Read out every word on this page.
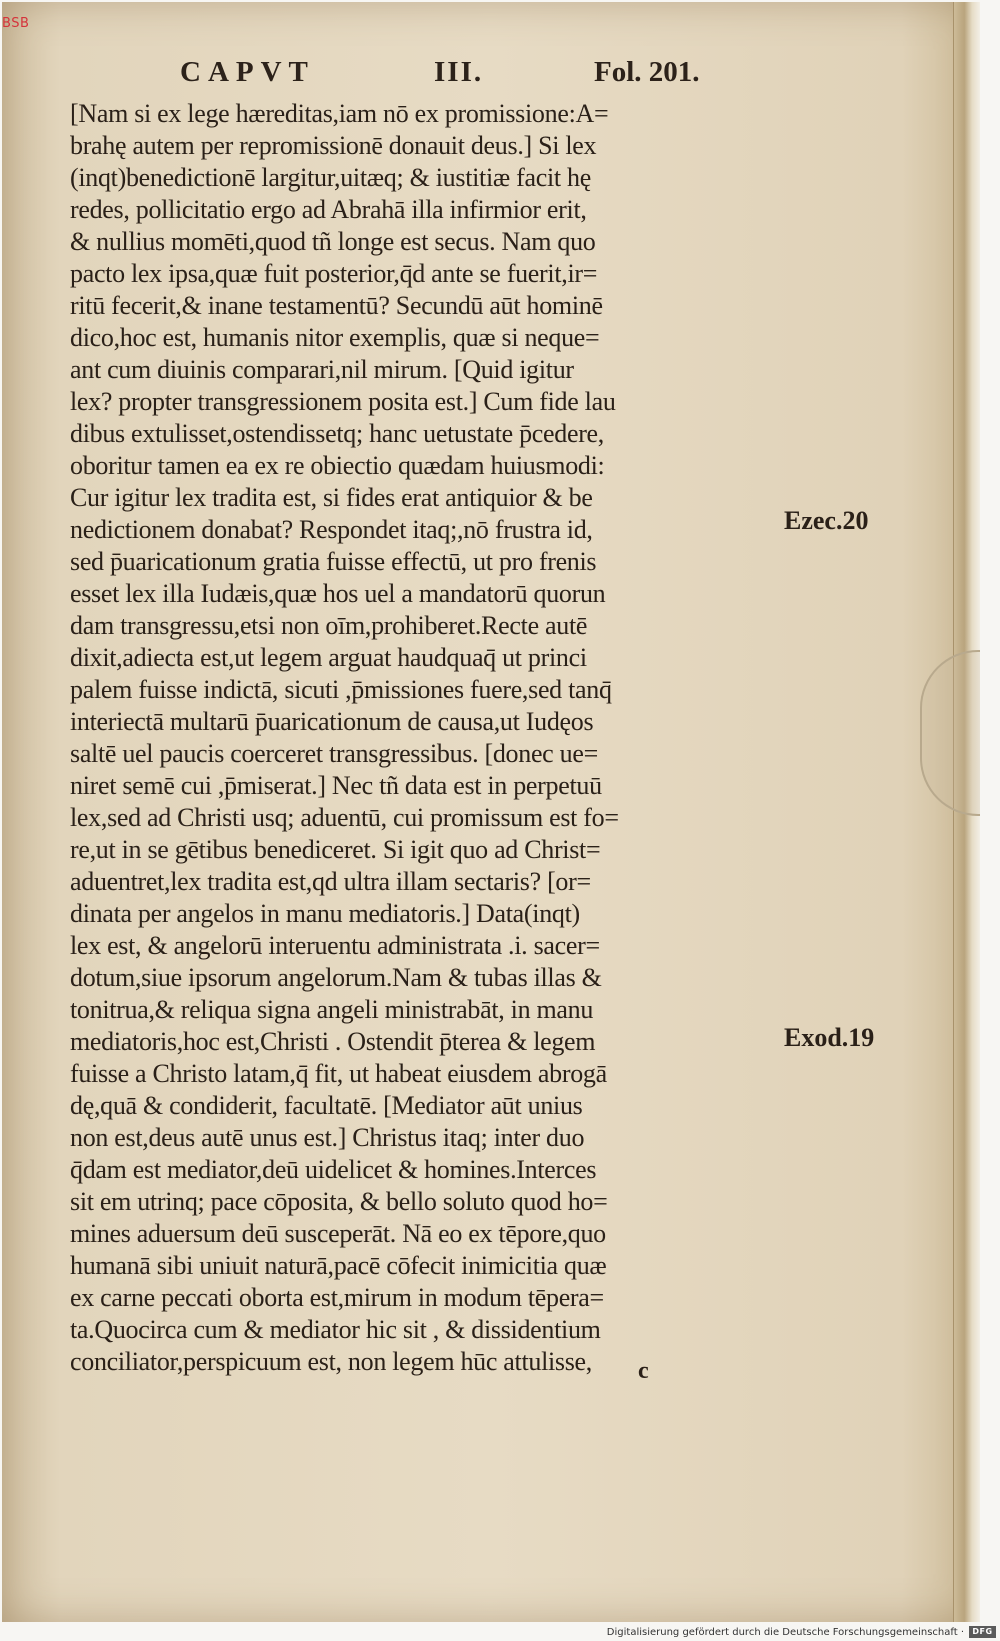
CAPVT	III.	Fol. 201.
[Nam si ex lege hæreditas,iam nō ex promissione:A=
brahę autem per repromissionē donauit deus.] Si lex
(inqt)benedictionē largitur,uitæq; & iustitiæ facit hę
redes, pollicitatio ergo ad Abrahā illa infirmior erit,
& nullius momēti,quod tñ longe est secus. Nam quo
pacto lex ipsa,quæ fuit posterior,q̄d ante se fuerit,ir=
ritū fecerit,& inane testamentū? Secundū aūt hominē
dico,hoc est, humanis nitor exemplis, quæ si neque=
ant cum diuinis comparari,nil mirum. [Quid igitur
lex? propter transgressionem posita est.] Cum fide lau
dibus extulisset,ostendissetq; hanc uetustate p̄cedere,
oboritur tamen ea ex re obiectio quædam huiusmodi:
Cur igitur lex tradita est, si fides erat antiquior & be
nedictionem donabat? Respondet itaq;,nō frustra id,
sed p̄uaricationum gratia fuisse effectū, ut pro frenis
esset lex illa Iudæis,quæ hos uel a mandatorū quorun
dam transgressu,etsi non oīm,prohiberet.Recte autē
dixit,adiecta est,ut legem arguat haudquaq̄ ut princi
palem fuisse indictā, sicuti ,p̄missiones fuere,sed tanq̄
interiectā multarū p̄uaricationum de causa,ut Iudęos
saltē uel paucis coerceret transgressibus. [donec ue=
niret semē cui ,p̄miserat.] Nec tñ data est in perpetuū
lex,sed ad Christi usq; aduentū, cui promissum est fo=
re,ut in se gētibus benediceret. Si igit quo ad Christ=
aduentret,lex tradita est,qd ultra illam sectaris? [or=
dinata per angelos in manu mediatoris.] Data(inqt)
lex est, & angelorū interuentu administrata .i. sacer=
dotum,siue ipsorum angelorum.Nam & tubas illas &
tonitrua,& reliqua signa angeli ministrabāt, in manu
mediatoris,hoc est,Christi . Ostendit p̄terea & legem
fuisse a Christo latam,q̄ fit, ut habeat eiusdem abrogā
dę,quā & condiderit, facultatē. [Mediator aūt unius
non est,deus autē unus est.] Christus itaq; inter duo
q̄dam est mediator,deū uidelicet & homines.Interces
sit em utrinq; pace cōposita, & bello soluto quod ho=
mines aduersum deū susceperāt. Nā eo ex tēpore,quo
humanā sibi uniuit naturā,pacē cōfecit inimicitia quæ
ex carne peccati oborta est,mirum in modum tēpera=
ta.Quocirca cum & mediator hic sit , & dissidentium
conciliator,perspicuum est, non legem hūc attulisse,
Ezec.20
Exod.19
c
BSB
Digitalisierung gefördert durch die Deutsche Forschungsgemeinschaft ·	DFG
